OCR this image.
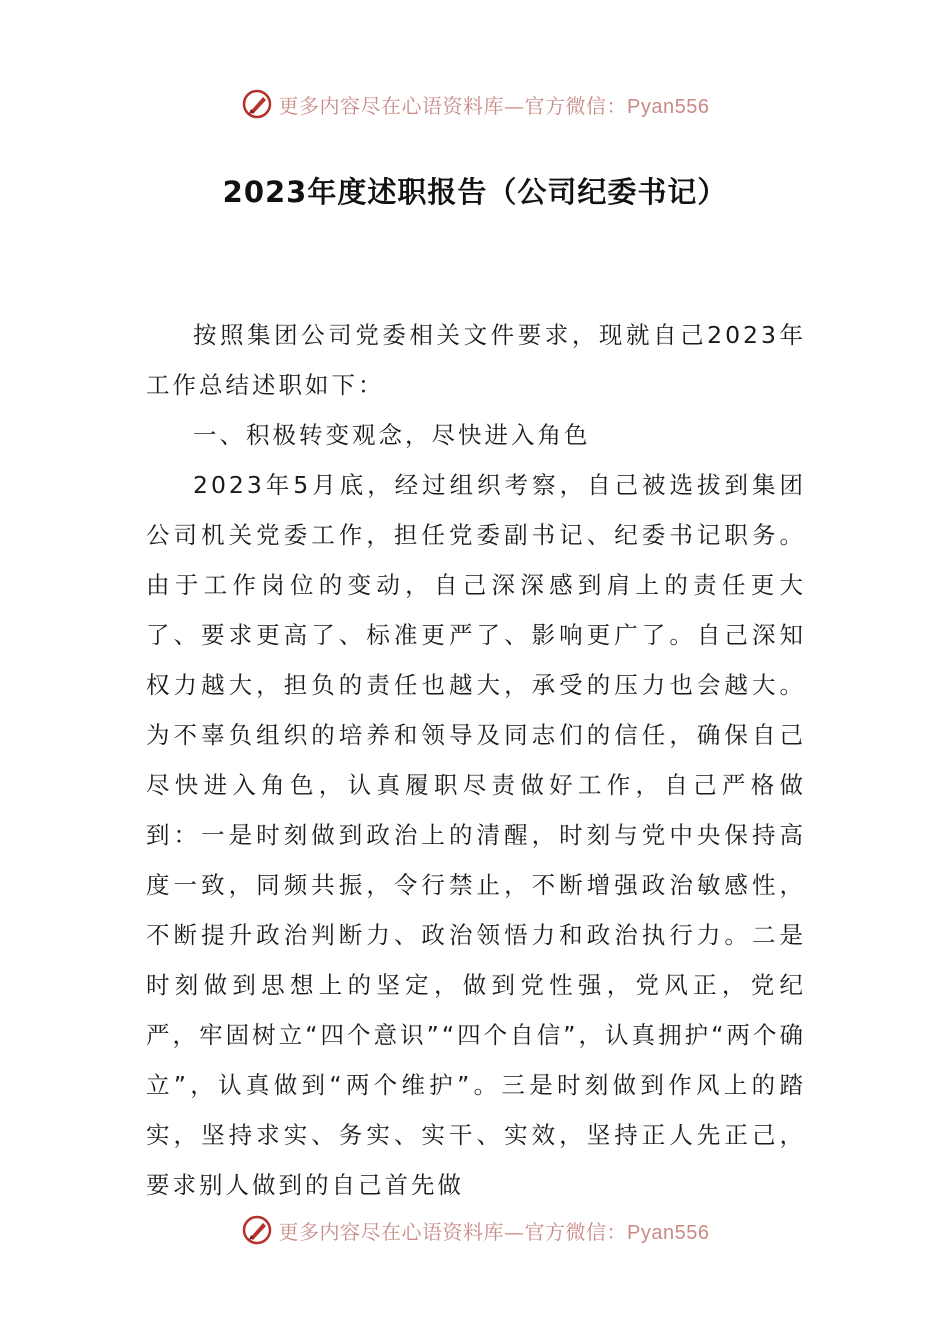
更多内容尽在心语资料库—官方微信：Pyan556
2023年度述职报告（公司纪委书记）

按照集团公司党委相关文件要求，现就自己2023年工作总结述职如下：

一、积极转变观念，尽快进入角色

2023年5月底，经过组织考察，自己被选拔到集团公司机关党委工作，担任党委副书记、纪委书记职务。由于工作岗位的变动，自己深深感到肩上的责任更大了、要求更高了、标准更严了、影响更广了。自己深知权力越大，担负的责任也越大，承受的压力也会越大。为不辜负组织的培养和领导及同志们的信任，确保自己尽快进入角色，认真履职尽责做好工作，自己严格做到：一是时刻做到政治上的清醒，时刻与党中央保持高度一致，同频共振，令行禁止，不断增强政治敏感性，不断提升政治判断力、政治领悟力和政治执行力。二是时刻做到思想上的坚定，做到党性强，党风正，党纪严，牢固树立“四个意识”“四个自信”，认真拥护“两个确立”，认真做到“两个维护”。三是时刻做到作风上的踏实，坚持求实、务实、实干、实效，坚持正人先正己，要求别人做到的自己首先做

更多内容尽在心语资料库—官方微信：Pyan556
